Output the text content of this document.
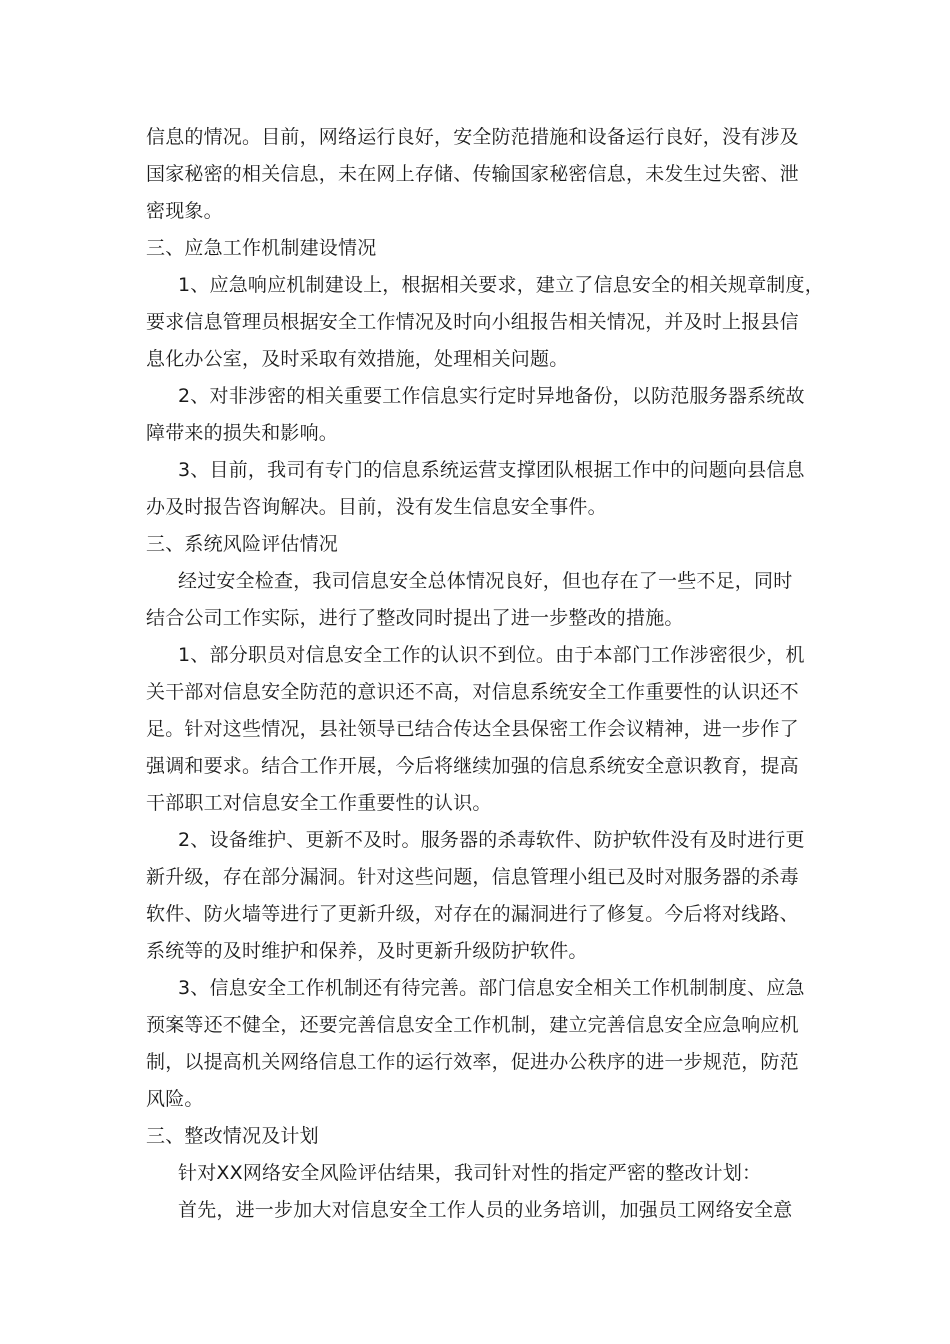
信息的情况。目前，网络运行良好，安全防范措施和设备运行良好，没有涉及
国家秘密的相关信息，未在网上存储、传输国家秘密信息，未发生过失密、泄
密现象。
三、应急工作机制建设情况
1、应急响应机制建设上，根据相关要求，建立了信息安全的相关规章制度，
要求信息管理员根据安全工作情况及时向小组报告相关情况，并及时上报县信
息化办公室，及时采取有效措施，处理相关问题。
2、对非涉密的相关重要工作信息实行定时异地备份，以防范服务器系统故
障带来的损失和影响。
3、目前，我司有专门的信息系统运营支撑团队根据工作中的问题向县信息
办及时报告咨询解决。目前，没有发生信息安全事件。
三、系统风险评估情况
经过安全检查，我司信息安全总体情况良好，但也存在了一些不足，同时
结合公司工作实际，进行了整改同时提出了进一步整改的措施。
1、部分职员对信息安全工作的认识不到位。由于本部门工作涉密很少，机
关干部对信息安全防范的意识还不高，对信息系统安全工作重要性的认识还不
足。针对这些情况，县社领导已结合传达全县保密工作会议精神，进一步作了
强调和要求。结合工作开展，今后将继续加强的信息系统安全意识教育，提高
干部职工对信息安全工作重要性的认识。
2、设备维护、更新不及时。服务器的杀毒软件、防护软件没有及时进行更
新升级，存在部分漏洞。针对这些问题，信息管理小组已及时对服务器的杀毒
软件、防火墙等进行了更新升级，对存在的漏洞进行了修复。今后将对线路、
系统等的及时维护和保养，及时更新升级防护软件。
3、信息安全工作机制还有待完善。部门信息安全相关工作机制制度、应急
预案等还不健全，还要完善信息安全工作机制，建立完善信息安全应急响应机
制，以提高机关网络信息工作的运行效率，促进办公秩序的进一步规范，防范
风险。
三、整改情况及计划
针对XX网络安全风险评估结果，我司针对性的指定严密的整改计划：
首先，进一步加大对信息安全工作人员的业务培训，加强员工网络安全意
